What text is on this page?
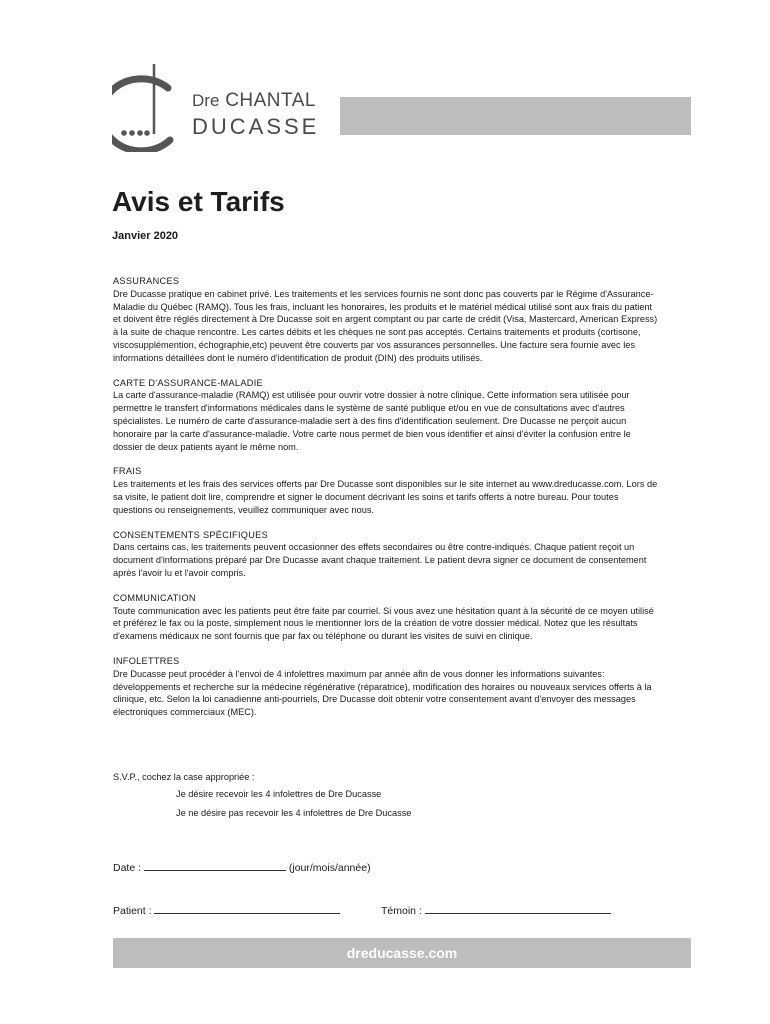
Dre CHANTAL
DUCASSE
Avis et Tarifs
Janvier 2020
ASSURANCES

Dre Ducasse pratique en cabinet privé. Les traitements et les services fournis ne sont donc pas couverts par le Régime d'Assurance-Maladie du Québec (RAMQ). Tous les frais, incluant les honoraires, les produits et le matériel médical utilisé sont aux frais du patient et doivent être réglés directement à Dre Ducasse soit en argent comptant ou par carte de crédit (Visa, Mastercard, American Express) à la suite de chaque rencontre. Les cartes débits et les chèques ne sont pas acceptés. Certains traitements et produits (cortisone, viscosupplémention, échographie,etc) peuvent être couverts par vos assurances personnelles. Une facture sera fournie avec les informations détaillées dont le numéro d'identification de produit (DIN) des produits utilisés.

CARTE D'ASSURANCE-MALADIE

La carte d'assurance-maladie (RAMQ) est utilisée pour ouvrir votre dossier à notre clinique. Cette information sera utilisée pour permettre le transfert d'informations médicales dans le système de santé publique et/ou en vue de consultations avec d'autres spécialistes. Le numéro de carte d'assurance-maladie sert à des fins d'identification seulement. Dre Ducasse ne perçoit aucun honoraire par la carte d'assurance-maladie. Votre carte nous permet de bien vous identifier et ainsi d'éviter la confusion entre le dossier de deux patients ayant le même nom.

FRAIS

Les traitements et les frais des services offerts par Dre Ducasse sont disponibles sur le site internet au www.dreducasse.com. Lors de sa visite, le patient doit lire, comprendre et signer le document décrivant les soins et tarifs offerts à notre bureau. Pour toutes questions ou renseignements, veuillez communiquer avec nous.

CONSENTEMENTS SPÉCIFIQUES

Dans certains cas, les traitements peuvent occasionner des effets secondaires ou être contre-indiqués. Chaque patient reçoit un document d'informations préparé par Dre Ducasse avant chaque traitement. Le patient devra signer ce document de consentement après l'avoir lu et l'avoir compris.

COMMUNICATION

Toute communication avec les patients peut être faite par courriel. Si vous avez une hésitation quant à la sécurité de ce moyen utilisé et préférez le fax ou la poste, simplement nous le mentionner lors de la création de votre dossier médical. Notez que les résultats d'examens médicaux ne sont fournis que par fax ou téléphone ou durant les visites de suivi en clinique.

INFOLETTRES

Dre Ducasse peut procéder à l'envoi de 4 infolettres maximum par année afin de vous donner les informations suivantes: développements et recherche sur la médecine régénérative (réparatrice), modification des horaires ou nouveaux services offerts à la clinique, etc. Selon la loi canadienne anti-pourriels, Dre Ducasse doit obtenir votre consentement avant d'envoyer des messages électroniques commerciaux (MEC).

S.V.P., cochez la case appropriée :
Je désire recevoir les 4 infolettres de Dre Ducasse
Je ne désire pas recevoir les 4 infolettres de Dre Ducasse
Date :	(jour/mois/année)
Patient :	Témoin :
dreducasse.com
